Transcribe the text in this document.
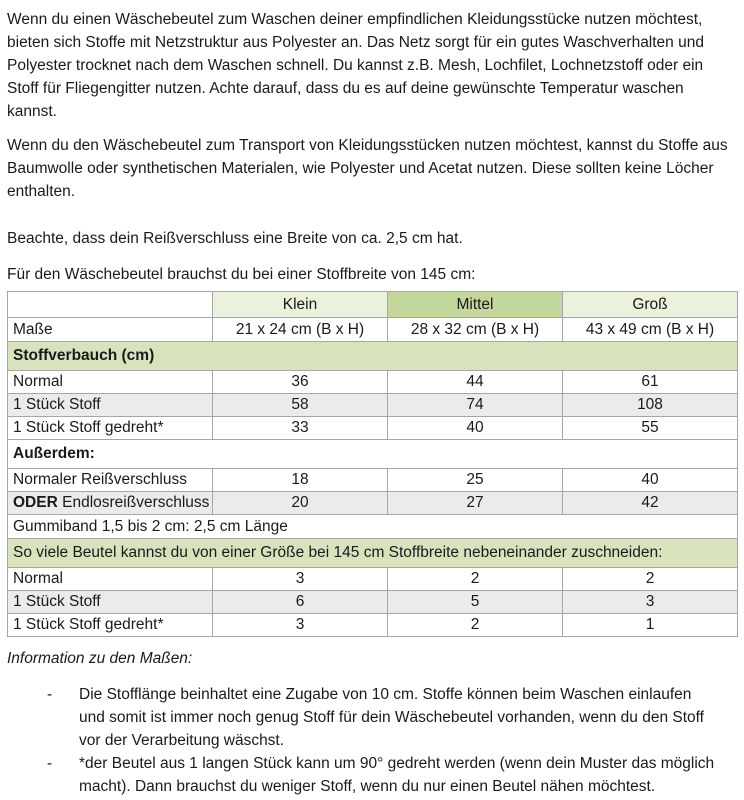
Wenn du einen Wäschebeutel zum Waschen deiner empfindlichen Kleidungsstücke nutzen möchtest, bieten sich Stoffe mit Netzstruktur aus Polyester an. Das Netz sorgt für ein gutes Waschverhalten und Polyester trocknet nach dem Waschen schnell. Du kannst z.B. Mesh, Lochfilet, Lochnetzstoff oder ein Stoff für Fliegengitter nutzen. Achte darauf, dass du es auf deine gewünschte Temperatur waschen kannst.

Wenn du den Wäschebeutel zum Transport von Kleidungsstücken nutzen möchtest, kannst du Stoffe aus Baumwolle oder synthetischen Materialen, wie Polyester und Acetat nutzen. Diese sollten keine Löcher enthalten.

Beachte, dass dein Reißverschluss eine Breite von ca. 2,5 cm hat.

Für den Wäschebeutel brauchst du bei einer Stoffbreite von 145 cm:

	Klein	Mittel	Groß
Maße	21 x 24 cm (B x H)	28 x 32 cm (B x H)	43 x 49 cm (B x H)
Stoffverbauch (cm)			
Normal	36	44	61
1 Stück Stoff	58	74	108
1 Stück Stoff gedreht*	33	40	55
Außerdem:			
Normaler Reißverschluss	18	25	40
ODER Endlosreißverschluss	20	27	42
Gummiband 1,5 bis 2 cm: 2,5 cm Länge			
So viele Beutel kannst du von einer Größe bei 145 cm Stoffbreite nebeneinander zuschneiden:			
Normal	3	2	2
1 Stück Stoff	6	5	3
1 Stück Stoff gedreht*	3	2	1

Information zu den Maßen:

-	Die Stofflänge beinhaltet eine Zugabe von 10 cm. Stoffe können beim Waschen einlaufen und somit ist immer noch genug Stoff für dein Wäschebeutel vorhanden, wenn du den Stoff vor der Verarbeitung wäschst.
-	*der Beutel aus 1 langen Stück kann um 90° gedreht werden (wenn dein Muster das möglich macht). Dann brauchst du weniger Stoff, wenn du nur einen Beutel nähen möchtest.
